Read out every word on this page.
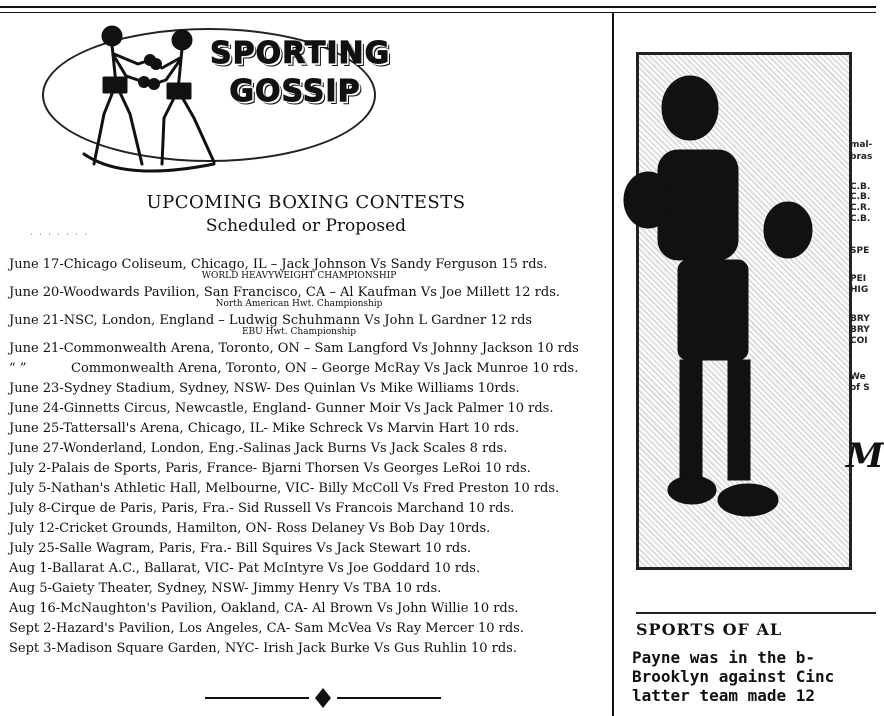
SPORTING
GOSSIP
UPCOMING BOXING CONTESTS
Scheduled or Proposed
· · · · · · ·
June 17-Chicago Coliseum, Chicago, IL – Jack Johnson Vs Sandy Ferguson 15 rds.
WORLD HEAVYWEIGHT CHAMPIONSHIP
June 20-Woodwards Pavilion, San Francisco, CA – Al Kaufman Vs Joe Millett 12 rds.
North American Hwt. Championship
June 21-NSC, London, England – Ludwig Schuhmann Vs John L Gardner 12 rds
EBU Hwt. Championship
June 21-Commonwealth Arena, Toronto, ON – Sam Langford Vs Johnny Jackson 10 rds
“ ”	Commonwealth Arena, Toronto, ON – George McRay Vs Jack Munroe 10 rds.
June 23-Sydney Stadium, Sydney, NSW- Des Quinlan Vs Mike Williams 10rds.
June 24-Ginnetts Circus, Newcastle, England- Gunner Moir Vs Jack Palmer 10 rds.
June 25-Tattersall's Arena, Chicago, IL- Mike Schreck Vs Marvin Hart 10 rds.
June 27-Wonderland, London, Eng.-Salinas Jack Burns Vs Jack Scales 8 rds.
July 2-Palais de Sports, Paris, France- Bjarni Thorsen Vs Georges LeRoi 10 rds.
July 5-Nathan's Athletic Hall, Melbourne, VIC- Billy McColl Vs Fred Preston 10 rds.
July 8-Cirque de Paris, Paris, Fra.- Sid Russell Vs Francois Marchand 10 rds.
July 12-Cricket Grounds, Hamilton, ON- Ross Delaney Vs Bob Day 10rds.
July 25-Salle Wagram, Paris, Fra.- Bill Squires Vs Jack Stewart 10 rds.
Aug 1-Ballarat A.C., Ballarat, VIC- Pat McIntyre Vs Joe Goddard 10 rds.
Aug 5-Gaiety Theater, Sydney, NSW- Jimmy Henry Vs TBA 10 rds.
Aug 16-McNaughton's Pavilion, Oakland, CA- Al Brown Vs John Willie 10 rds.
Sept 2-Hazard's Pavilion, Los Angeles, CA- Sam McVea Vs Ray Mercer 10 rds.
Sept 3-Madison Square Garden, NYC- Irish Jack Burke Vs Gus Ruhlin 10 rds.
mal-
bras
C.B.
C.B.
C.R.
C.B.
SPE
PEI
HIG
BRY
BRY
COI
We
of S
M
SPORTS OF AL
Payne was in the b-
Brooklyn against Cinc
latter team made 12
